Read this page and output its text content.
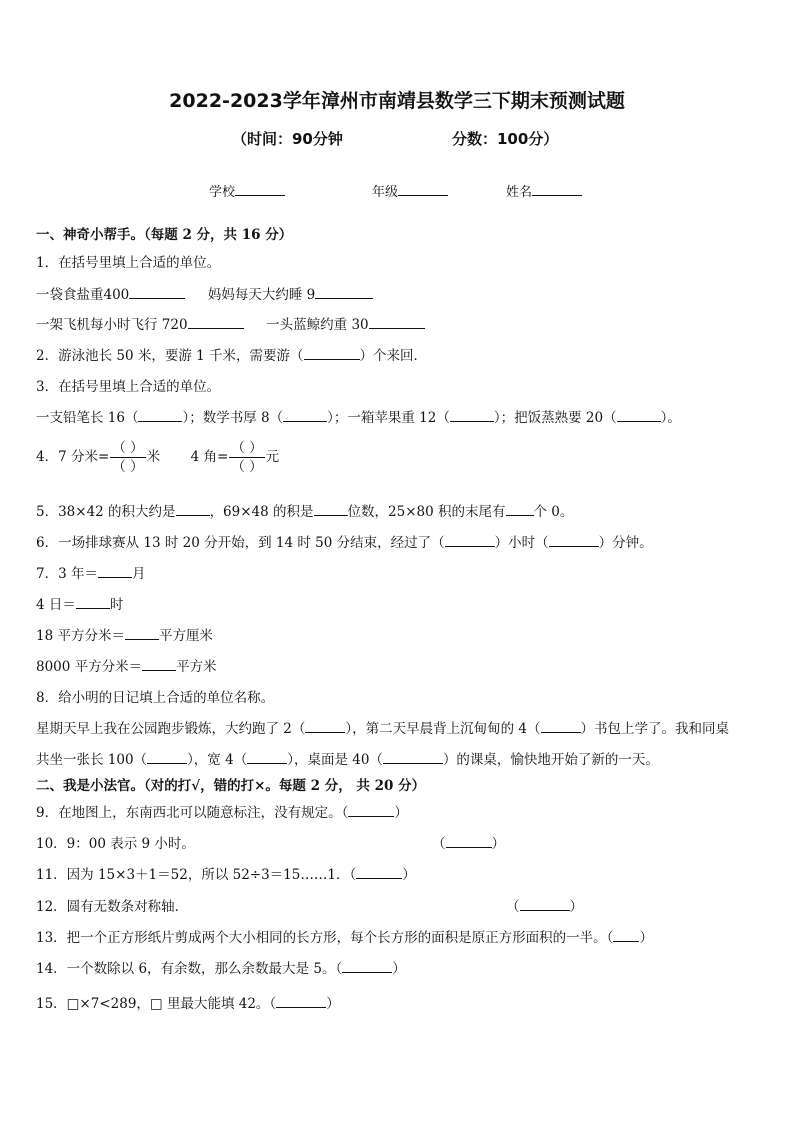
2022-2023学年漳州市南靖县数学三下期末预测试题
（时间：90分钟	分数：100分）
学校	年级	姓名
一、神奇小帮手。（每题 2 分，共 16 分）
1．在括号里填上合适的单位。
一袋食盐重400	妈妈每天大约睡 9
一架飞机每小时飞行 720	一头蓝鲸约重 30
2．游泳池长 50 米，要游 1 千米，需要游（	）个来回．
3．在括号里填上合适的单位。
一支铅笔长 16（	）；数学书厚 8（	）；一箱苹果重 12（	）；把饭蒸熟要 20（	）。
4．7 分米= $\frac{( )}{( )}$ 米 4 角= $\frac{( )}{( )}$ 元
5．38×42 的积大约是	，69×48 的积是	位数，25×80 积的末尾有 个 0。
6．一场排球赛从 13 时 20 分开始，到 14 时 50 分结束，经过了（	）小时（	）分钟。
7．3 年＝	月
4 日＝	时
18 平方分米＝	平方厘米
8000 平方分米＝	平方米
8．给小明的日记填上合适的单位名称。
星期天早上我在公园跑步锻炼，大约跑了 2（	），第二天早晨背上沉甸甸的 4（	）书包上学了。我和同桌
共坐一张长 100（	），宽 4（	），桌面是 40（	）的课桌，愉快地开始了新的一天。
二、我是小法官。（对的打√，错的打×。每题 2 分， 共 20 分）
9．在地图上，东南西北可以随意标注，没有规定。（	）
10．9：00 表示 9 小时。	（	）
11．因为 15×3＋1＝52，所以 52÷3＝15……1．（	）
12．圆有无数条对称轴．	（	）
13．把一个正方形纸片剪成两个大小相同的长方形，每个长方形的面积是原正方形面积的一半。（ ）
14．一个数除以 6，有余数，那么余数最大是 5。（	）
15．□×7<289，□ 里最大能填 42。（	）
